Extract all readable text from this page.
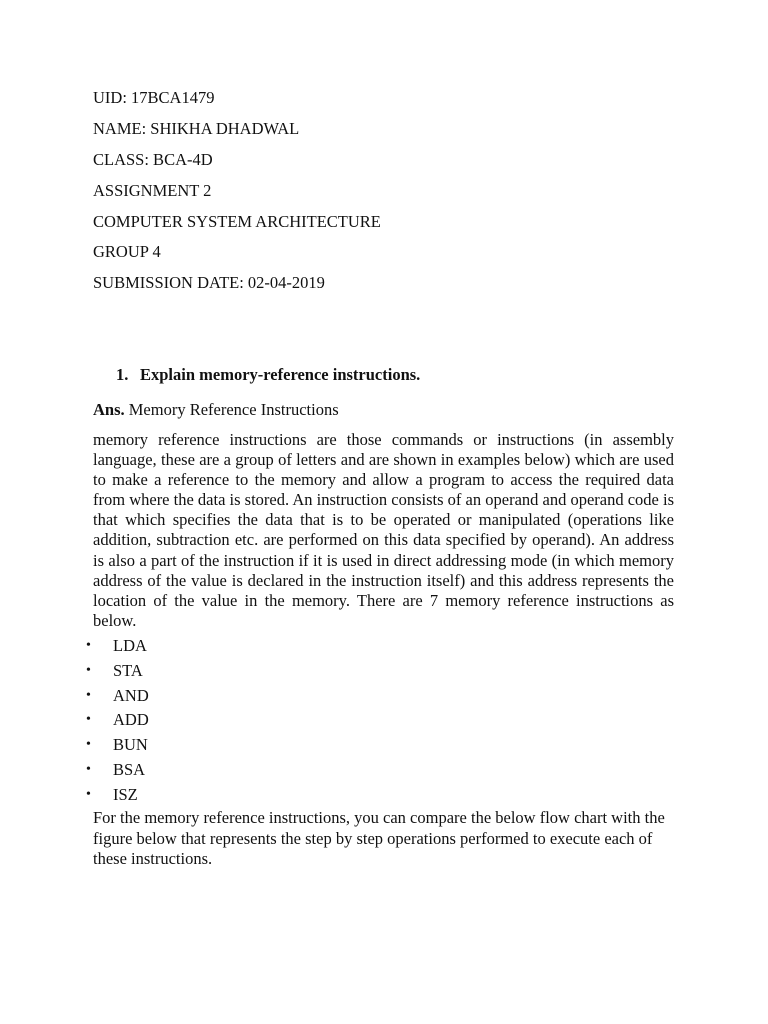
UID: 17BCA1479
NAME: SHIKHA DHADWAL
CLASS: BCA-4D
ASSIGNMENT 2
COMPUTER SYSTEM ARCHITECTURE
GROUP 4
SUBMISSION DATE: 02-04-2019
1. Explain memory-reference instructions.
Ans. Memory Reference Instructions
memory reference instructions are those commands or instructions (in assembly language, these are a group of letters and are shown in examples below) which are used to make a reference to the memory and allow a program to access the required data from where the data is stored. An instruction consists of an operand and operand code is that which specifies the data that is to be operated or manipulated (operations like addition, subtraction etc. are performed on this data specified by operand). An address is also a part of the instruction if it is used in direct addressing mode (in which memory address of the value is declared in the instruction itself) and this address represents the location of the value in the memory. There are 7 memory reference instructions as below.
• LDA
• STA
• AND
• ADD
• BUN
• BSA
• ISZ
For the memory reference instructions, you can compare the below flow chart with the figure below that represents the step by step operations performed to execute each of these instructions.
